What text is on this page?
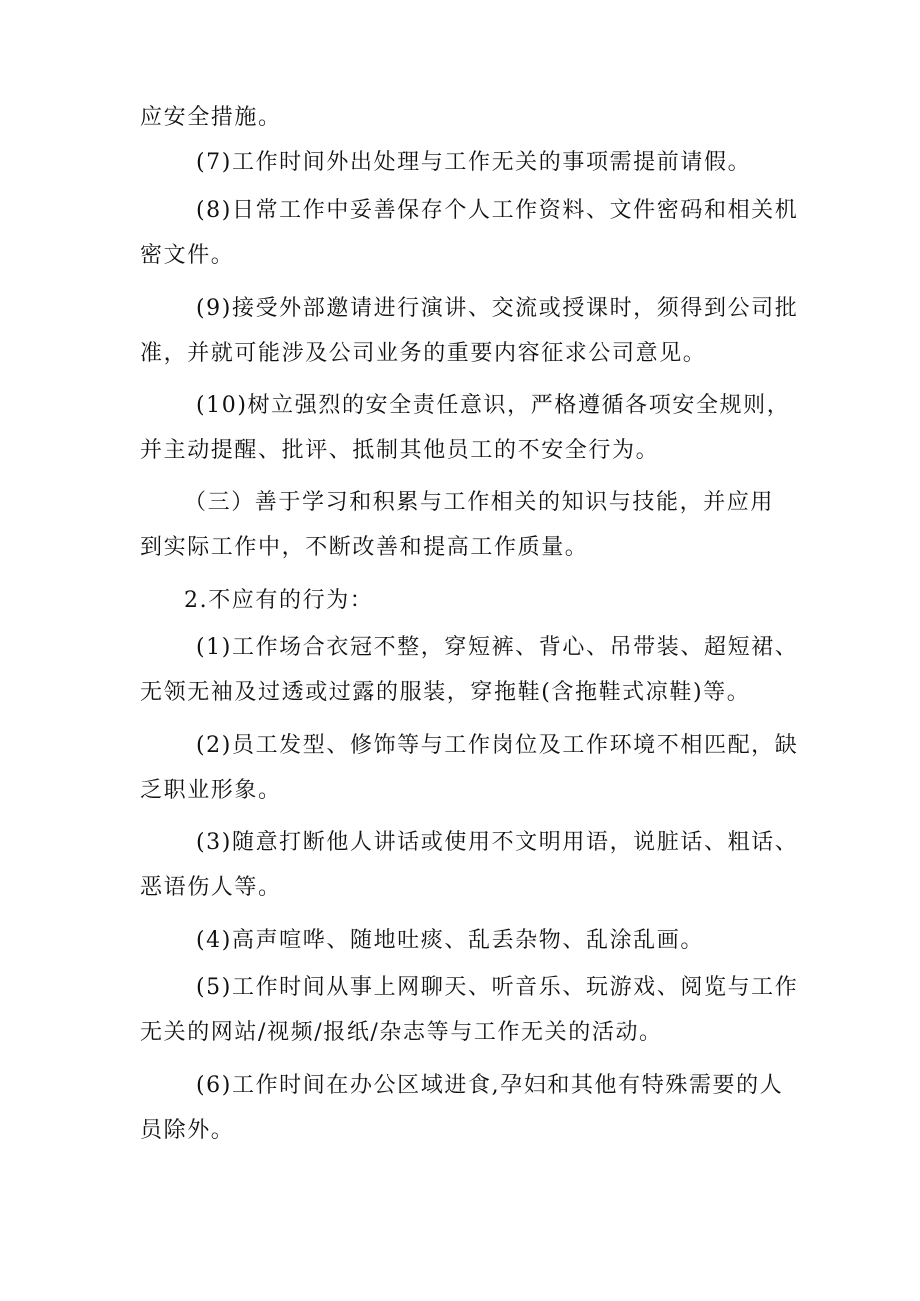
应安全措施。

(7)工作时间外出处理与工作无关的事项需提前请假。

(8)日常工作中妥善保存个人工作资料、文件密码和相关机
密文件。

(9)接受外部邀请进行演讲、交流或授课时，须得到公司批
准，并就可能涉及公司业务的重要内容征求公司意见。

(10)树立强烈的安全责任意识，严格遵循各项安全规则，
并主动提醒、批评、抵制其他员工的不安全行为。

（三）善于学习和积累与工作相关的知识与技能，并应用
到实际工作中，不断改善和提高工作质量。

2.不应有的行为：

(1)工作场合衣冠不整，穿短裤、背心、吊带装、超短裙、
无领无袖及过透或过露的服装，穿拖鞋(含拖鞋式凉鞋)等。

(2)员工发型、修饰等与工作岗位及工作环境不相匹配，缺
乏职业形象。

(3)随意打断他人讲话或使用不文明用语，说脏话、粗话、
恶语伤人等。

(4)高声喧哗、随地吐痰、乱丢杂物、乱涂乱画。

(5)工作时间从事上网聊天、听音乐、玩游戏、阅览与工作
无关的网站/视频/报纸/杂志等与工作无关的活动。

(6)工作时间在办公区域进食,孕妇和其他有特殊需要的人
员除外。
